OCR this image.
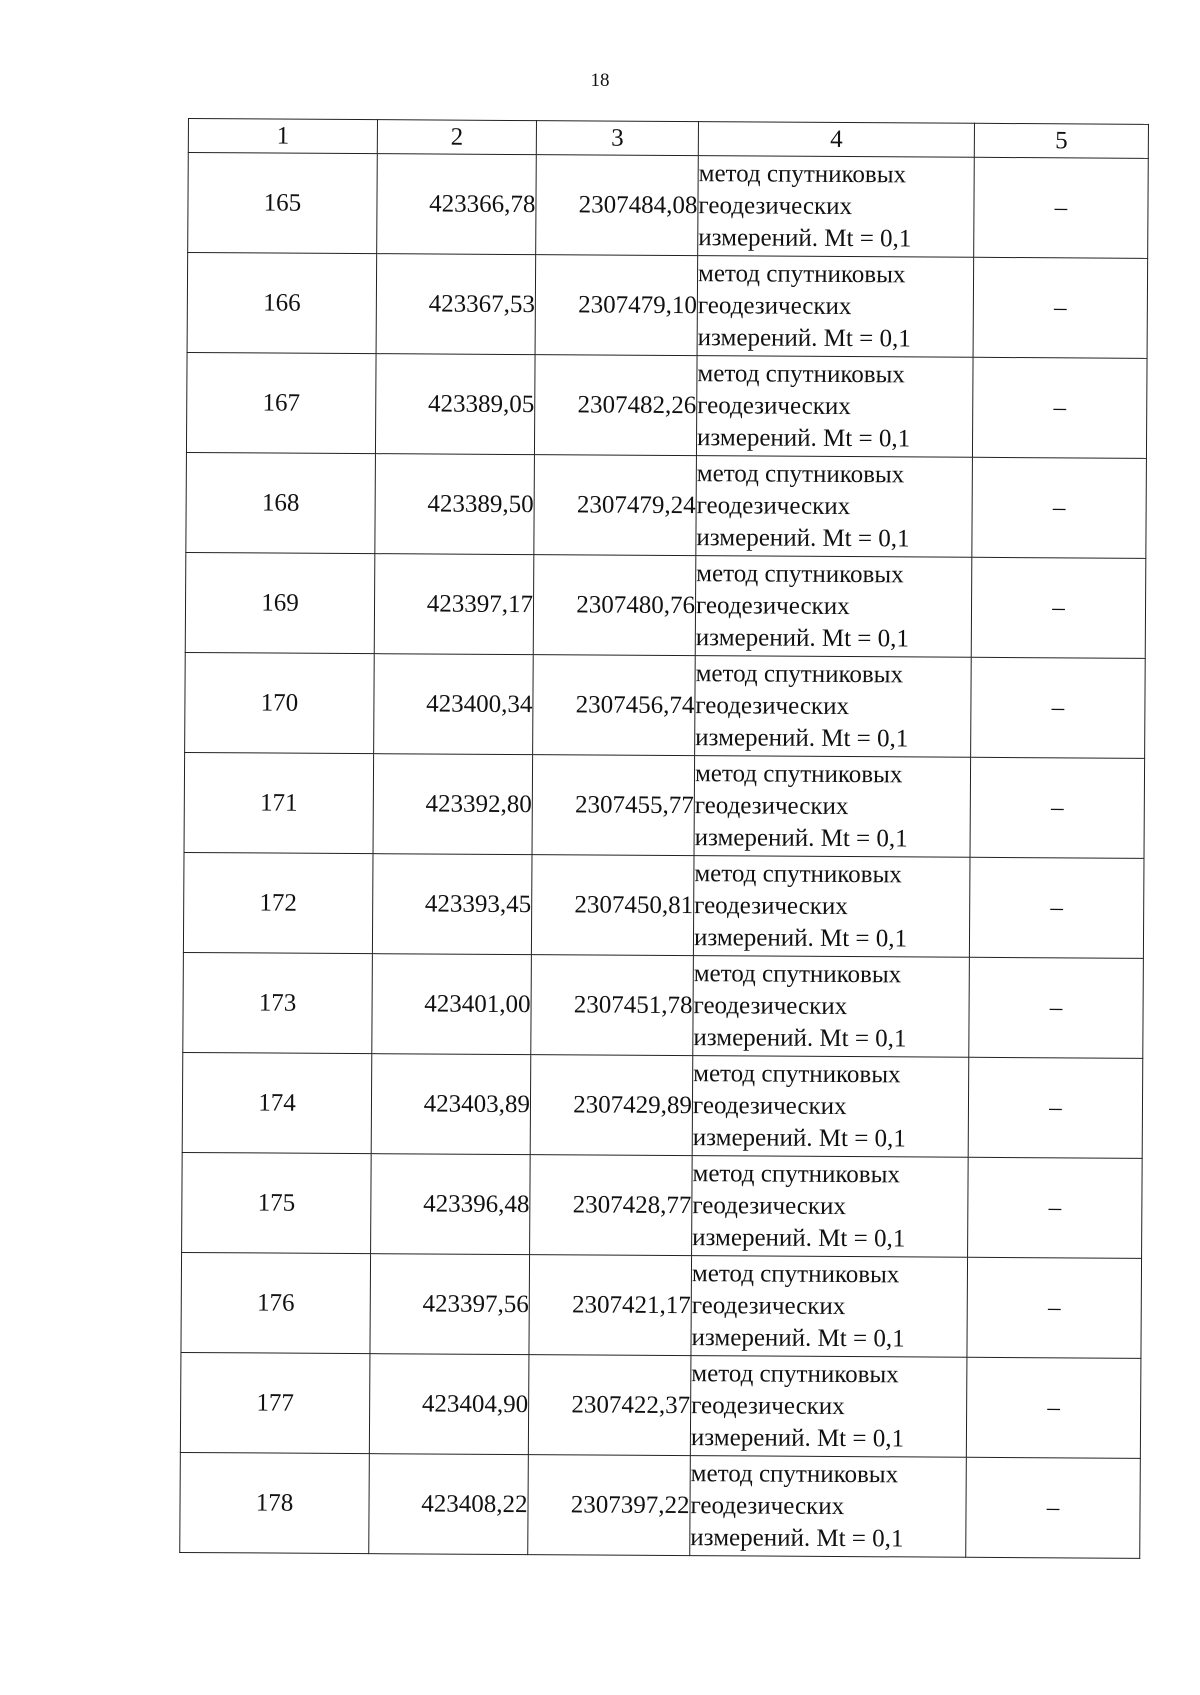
18
1	2	3	4	5
165	423366,78	2307484,08	метод спутниковых
геодезических
измерений. Mt = 0,1	–
166	423367,53	2307479,10	метод спутниковых
геодезических
измерений. Mt = 0,1	–
167	423389,05	2307482,26	метод спутниковых
геодезических
измерений. Mt = 0,1	–
168	423389,50	2307479,24	метод спутниковых
геодезических
измерений. Mt = 0,1	–
169	423397,17	2307480,76	метод спутниковых
геодезических
измерений. Mt = 0,1	–
170	423400,34	2307456,74	метод спутниковых
геодезических
измерений. Mt = 0,1	–
171	423392,80	2307455,77	метод спутниковых
геодезических
измерений. Mt = 0,1	–
172	423393,45	2307450,81	метод спутниковых
геодезических
измерений. Mt = 0,1	–
173	423401,00	2307451,78	метод спутниковых
геодезических
измерений. Mt = 0,1	–
174	423403,89	2307429,89	метод спутниковых
геодезических
измерений. Mt = 0,1	–
175	423396,48	2307428,77	метод спутниковых
геодезических
измерений. Mt = 0,1	–
176	423397,56	2307421,17	метод спутниковых
геодезических
измерений. Mt = 0,1	–
177	423404,90	2307422,37	метод спутниковых
геодезических
измерений. Mt = 0,1	–
178	423408,22	2307397,22	метод спутниковых
геодезических
измерений. Mt = 0,1	–
